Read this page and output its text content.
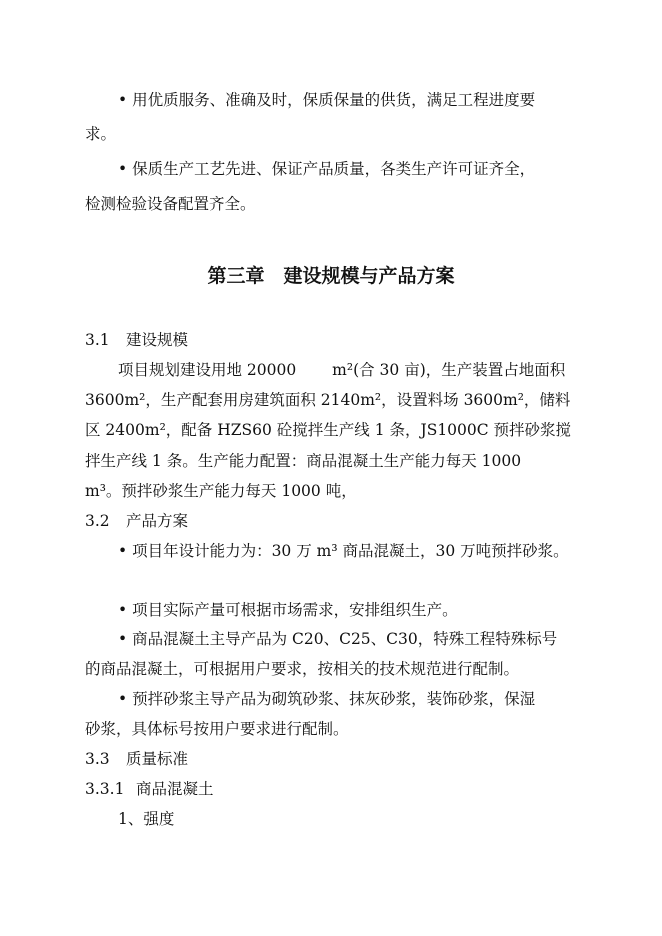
• 用优质服务、准确及时，保质保量的供货，满足工程进度要
求。
• 保质生产工艺先进、保证产品质量，各类生产许可证齐全，
检测检验设备配置齐全。
第三章　建设规模与产品方案
3.1 建设规模
项目规划建设用地 20000　　 m²(合 30 亩)，生产装置占地面积
3600m²，生产配套用房建筑面积 2140m²，设置料场 3600m²，储料
区 2400m²，配备 HZS60 砼搅拌生产线 1 条，JS1000C 预拌砂浆搅
拌生产线 1 条。生产能力配置：商品混凝土生产能力每天 1000
m³。预拌砂浆生产能力每天 1000 吨，
3.2 产品方案
• 项目年设计能力为：30 万 m³ 商品混凝土，30 万吨预拌砂浆。
• 项目实际产量可根据市场需求，安排组织生产。
• 商品混凝土主导产品为 C20、C25、C30，特殊工程特殊标号
的商品混凝土，可根据用户要求，按相关的技术规范进行配制。
• 预拌砂浆主导产品为砌筑砂浆、抹灰砂浆，装饰砂浆，保湿
砂浆，具体标号按用户要求进行配制。
3.3 质量标准
3.3.1 商品混凝土
1、强度
